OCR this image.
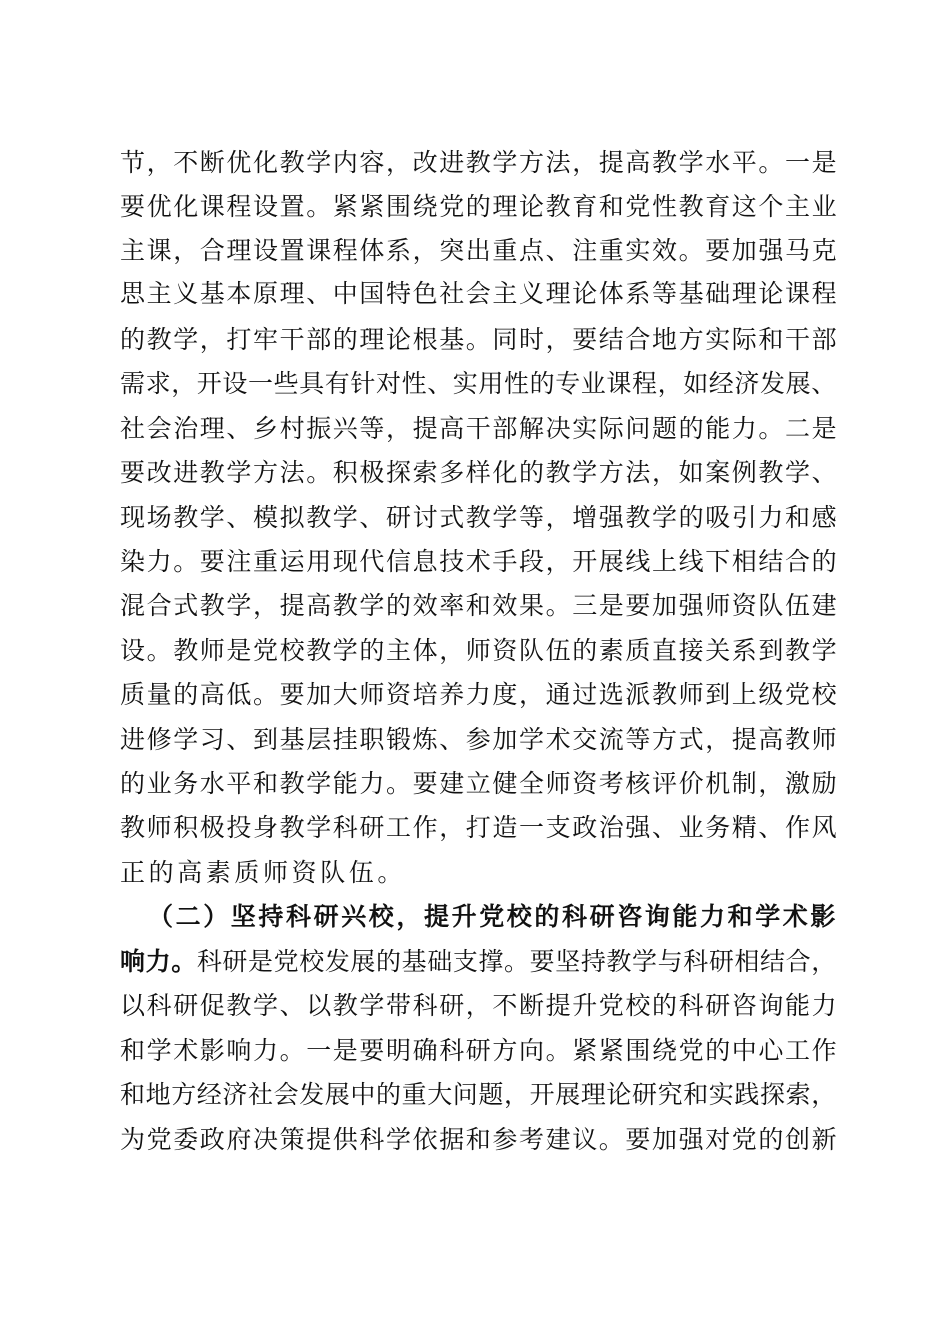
节，不断优化教学内容，改进教学方法，提高教学水平。一是
要优化课程设置。紧紧围绕党的理论教育和党性教育这个主业
主课，合理设置课程体系，突出重点、注重实效。要加强马克
思主义基本原理、中国特色社会主义理论体系等基础理论课程
的教学，打牢干部的理论根基。同时，要结合地方实际和干部
需求，开设一些具有针对性、实用性的专业课程，如经济发展、
社会治理、乡村振兴等，提高干部解决实际问题的能力。二是
要改进教学方法。积极探索多样化的教学方法，如案例教学、
现场教学、模拟教学、研讨式教学等，增强教学的吸引力和感
染力。要注重运用现代信息技术手段，开展线上线下相结合的
混合式教学，提高教学的效率和效果。三是要加强师资队伍建
设。教师是党校教学的主体，师资队伍的素质直接关系到教学
质量的高低。要加大师资培养力度，通过选派教师到上级党校
进修学习、到基层挂职锻炼、参加学术交流等方式，提高教师
的业务水平和教学能力。要建立健全师资考核评价机制，激励
教师积极投身教学科研工作，打造一支政治强、业务精、作风
正的高素质师资队伍。
（二）坚持科研兴校，提升党校的科研咨询能力和学术影
响力。科研是党校发展的基础支撑。要坚持教学与科研相结合，
以科研促教学、以教学带科研，不断提升党校的科研咨询能力
和学术影响力。一是要明确科研方向。紧紧围绕党的中心工作
和地方经济社会发展中的重大问题，开展理论研究和实践探索，
为党委政府决策提供科学依据和参考建议。要加强对党的创新
